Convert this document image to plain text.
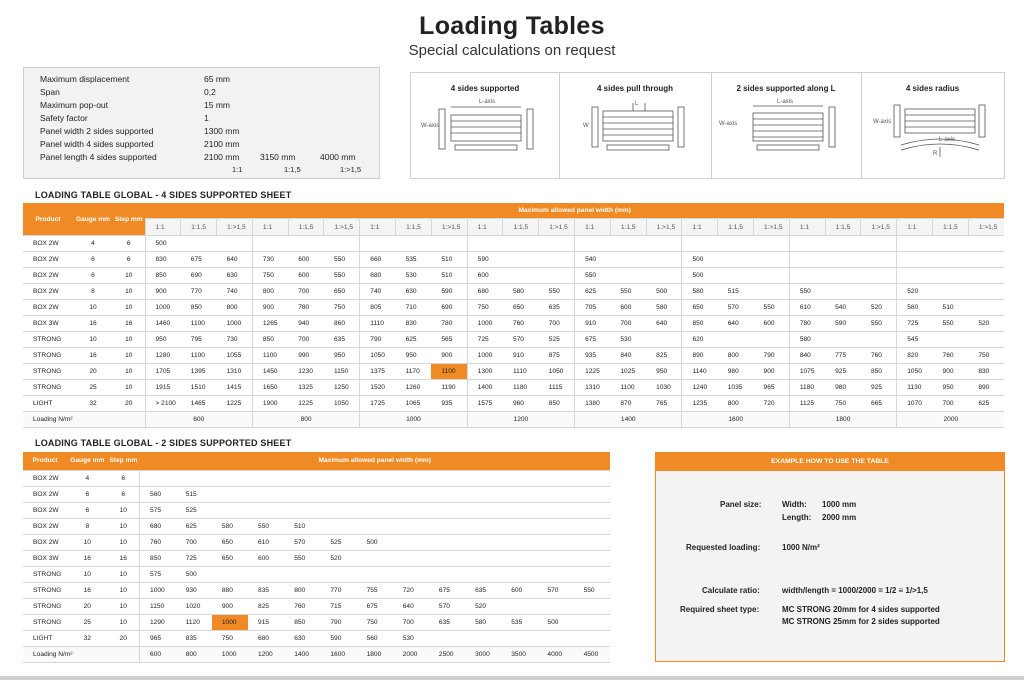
Loading Tables
Special calculations on request
Maximum displacement	65 mm
Span	0,2
Maximum pop-out	15 mm
Safety factor	1
Panel width 2 sides supported	1300 mm
Panel width 4 sides supported	2100 mm
Panel length 4 sides supported	2100 mm 3150 mm	4000 mm
1:1	1:1,5	1:>1,5
4 sides supported
L-axis
W-axis
4 sides pull through
L
W
2 sides supported along L
L-axis
W-axis
4 sides radius
L-axis
W-axis
R
LOADING TABLE GLOBAL - 4 SIDES SUPPORTED SHEET
Product	Gauge mm	Step mm	Maximum allowed panel width (mm)																							
			1:1	1:1,5	1:>1,5	1:1	1:1,5	1:>1,5	1:1	1:1,5	1:>1,5	1:1	1:1,5	1:>1,5	1:1	1:1,5	1:>1,5	1:1	1:1,5	1:>1,5	1:1	1:1,5	1:>1,5	1:1	1:1,5	1:>1,5
BOX 2W	4	6	500																							
BOX 2W	6	6	830	675	640	730	600	550	660	535	510	590			540			500								
BOX 2W	6	10	850	690	630	750	600	550	680	530	510	600			550			500								
BOX 2W	8	10	900	770	740	800	700	650	740	630	590	680	580	550	625	550	500	580	515		550			520		
BOX 2W	10	10	1000	850	800	900	780	750	805	710	690	750	650	635	705	600	580	650	570	550	610	540	520	580	510	
BOX 3W	16	16	1460	1100	1000	1265	940	860	1110	830	780	1000	760	700	910	700	640	850	640	600	780	590	550	725	550	520
STRONG	10	10	950	795	730	850	700	635	790	625	565	725	570	525	675	530		620			580			545		
STRONG	16	10	1280	1100	1055	1100	990	950	1050	950	900	1000	910	875	935	840	825	890	800	790	840	775	760	820	760	750
STRONG	20	10	1705	1395	1310	1450	1230	1150	1375	1170	1100	1300	1110	1050	1225	1025	950	1140	980	900	1075	925	850	1050	900	830
STRONG	25	10	1915	1510	1415	1650	1325	1250	1520	1260	1190	1400	1180	1115	1310	1100	1030	1240	1035	965	1180	980	925	1130	950	890
LIGHT	32	20	> 2100	1465	1225	1900	1225	1050	1725	1065	935	1575	960	850	1380	870	765	1235	800	720	1125	750	665	1070	700	625
Loading N/m²			600			800			1000			1200			1400			1600			1800			2000		
LOADING TABLE GLOBAL - 2 SIDES SUPPORTED SHEET
Product	Gauge mm	Step mm	Maximum allowed panel width (mm)												
BOX 2W	4	6													
BOX 2W	6	6	560	515											
BOX 2W	6	10	575	525											
BOX 2W	8	10	680	625	580	550	510								
BOX 2W	10	10	760	700	650	610	570	525	500						
BOX 3W	16	16	850	725	650	600	550	520							
STRONG	10	10	575	500											
STRONG	16	10	1000	930	880	835	800	770	755	720	675	635	600	570	550
STRONG	20	10	1150	1020	900	825	760	715	675	640	570	520			
STRONG	25	10	1290	1120	1000	915	850	790	750	700	635	580	535	500	
LIGHT	32	20	965	835	750	680	630	590	560	530					
Loading N/m²			600	800	1000	1200	1400	1600	1800	2000	2500	3000	3500	4000	4500
EXAMPLE HOW TO USE THE TABLE
Panel size:	Width: 1000 mm
Length: 2000 mm
Requested loading:	1000 N/m²
Calculate ratio:	width/length = 1000/2000 = 1/2 ≡ 1/>1,5
Required sheet type:	MC STRONG 20mm for 4 sides supported
MC STRONG 25mm for 2 sides supported
